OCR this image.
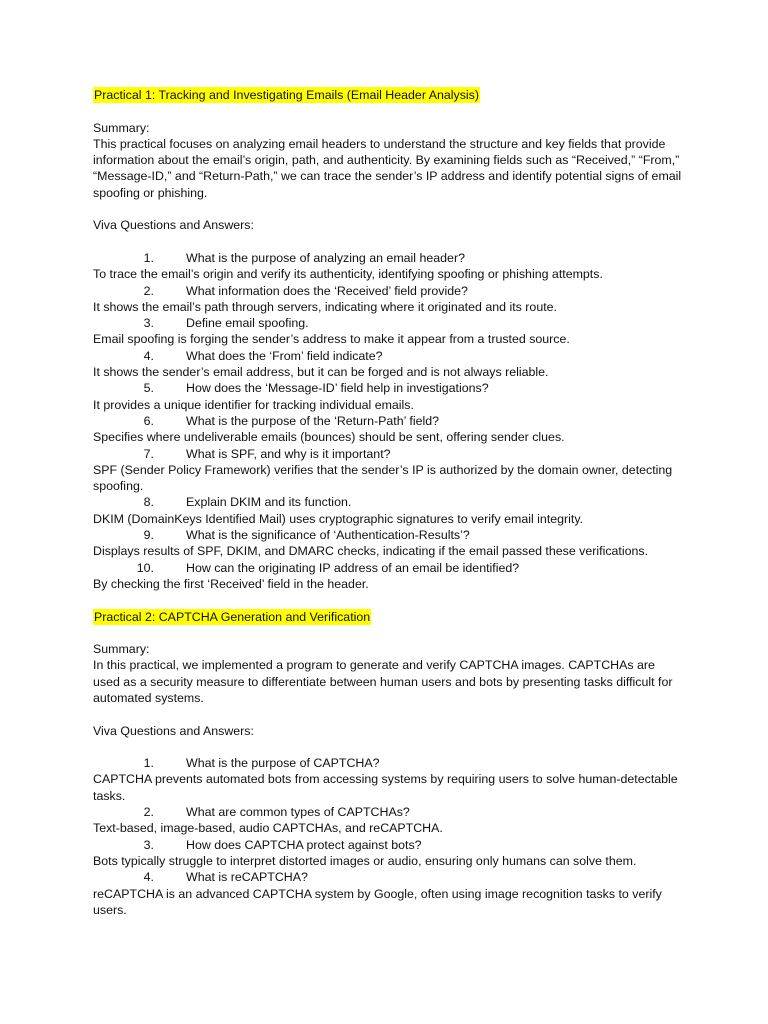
Practical 1: Tracking and Investigating Emails (Email Header Analysis)
Summary:
This practical focuses on analyzing email headers to understand the structure and key fields that provide information about the email’s origin, path, and authenticity. By examining fields such as “Received,” “From,” “Message-ID,” and “Return-Path,” we can trace the sender’s IP address and identify potential signs of email spoofing or phishing.
Viva Questions and Answers:
1.	What is the purpose of analyzing an email header?
To trace the email’s origin and verify its authenticity, identifying spoofing or phishing attempts.
2.	What information does the ‘Received’ field provide?
It shows the email’s path through servers, indicating where it originated and its route.
3.	Define email spoofing.
Email spoofing is forging the sender’s address to make it appear from a trusted source.
4.	What does the ‘From’ field indicate?
It shows the sender’s email address, but it can be forged and is not always reliable.
5.	How does the ‘Message-ID’ field help in investigations?
It provides a unique identifier for tracking individual emails.
6.	What is the purpose of the ‘Return-Path’ field?
Specifies where undeliverable emails (bounces) should be sent, offering sender clues.
7.	What is SPF, and why is it important?
SPF (Sender Policy Framework) verifies that the sender’s IP is authorized by the domain owner, detecting spoofing.
8.	Explain DKIM and its function.
DKIM (DomainKeys Identified Mail) uses cryptographic signatures to verify email integrity.
9.	What is the significance of ‘Authentication-Results’?
Displays results of SPF, DKIM, and DMARC checks, indicating if the email passed these verifications.
10.	How can the originating IP address of an email be identified?
By checking the first ‘Received’ field in the header.
Practical 2: CAPTCHA Generation and Verification
Summary:
In this practical, we implemented a program to generate and verify CAPTCHA images. CAPTCHAs are used as a security measure to differentiate between human users and bots by presenting tasks difficult for automated systems.
Viva Questions and Answers:
1.	What is the purpose of CAPTCHA?
CAPTCHA prevents automated bots from accessing systems by requiring users to solve human-detectable tasks.
2.	What are common types of CAPTCHAs?
Text-based, image-based, audio CAPTCHAs, and reCAPTCHA.
3.	How does CAPTCHA protect against bots?
Bots typically struggle to interpret distorted images or audio, ensuring only humans can solve them.
4.	What is reCAPTCHA?
reCAPTCHA is an advanced CAPTCHA system by Google, often using image recognition tasks to verify users.
